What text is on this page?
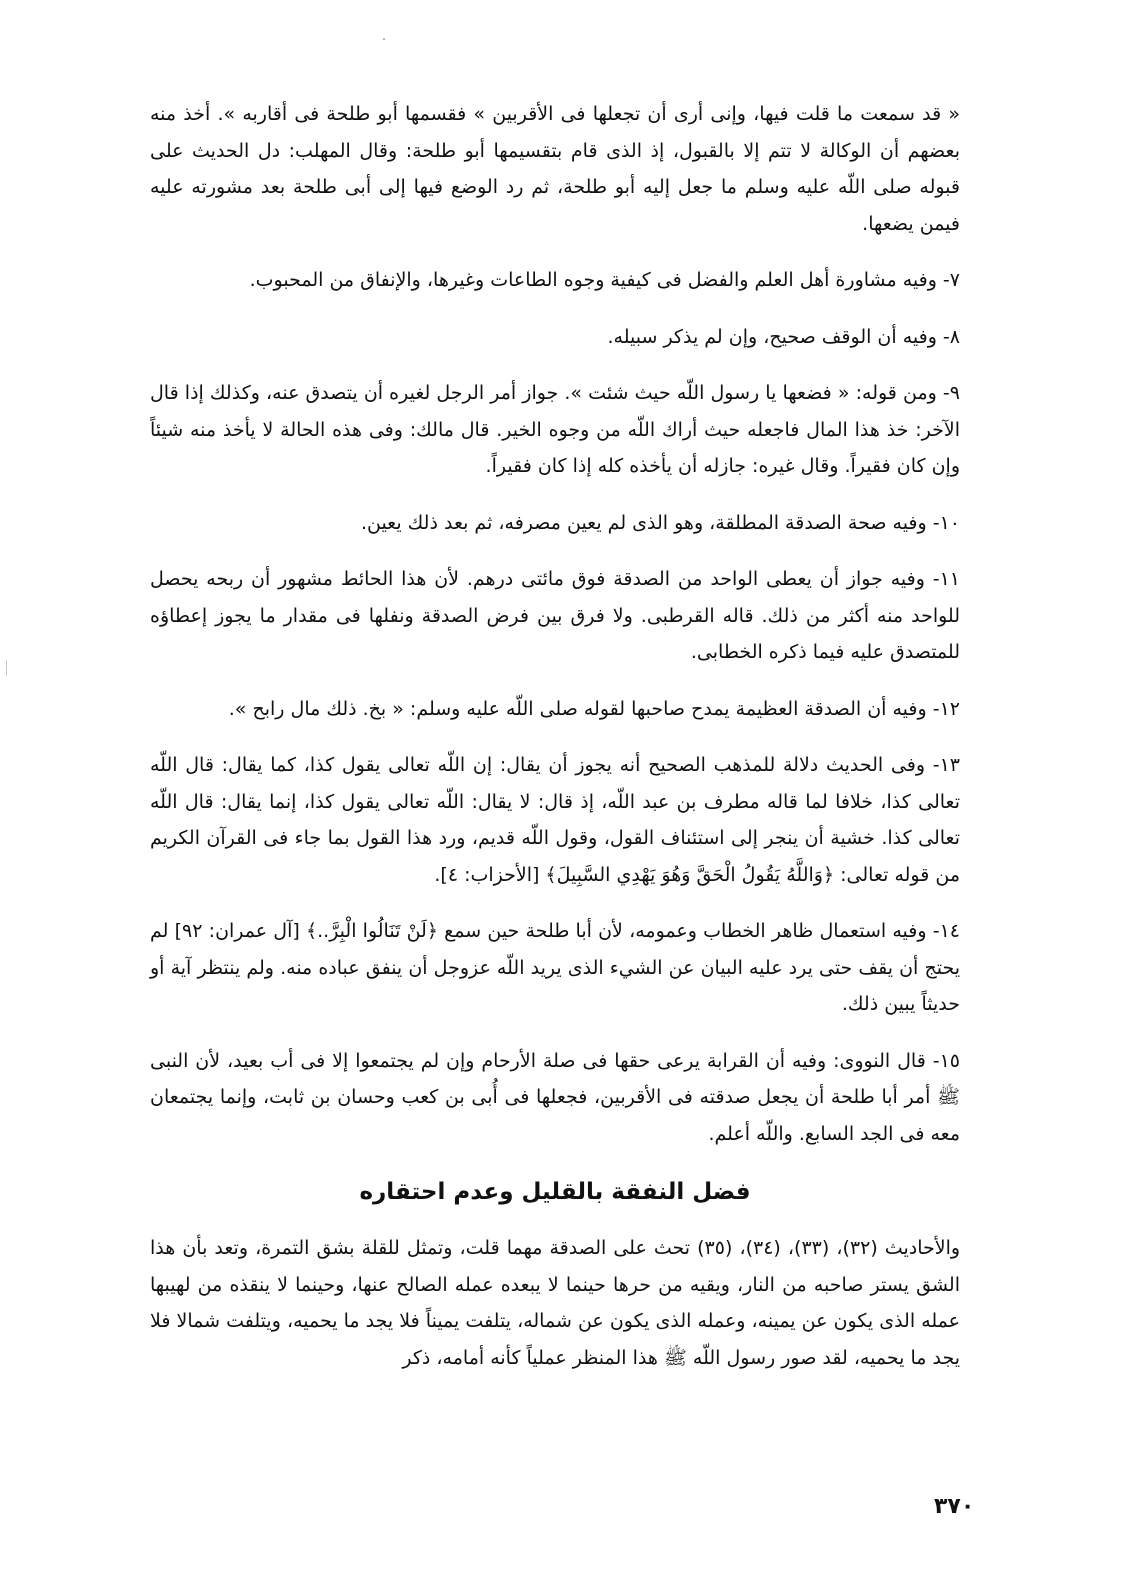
« قد سمعت ما قلت فيها، وإنى أرى أن تجعلها فى الأقربين » فقسمها أبو طلحة فى أقاربه ». أخذ منه بعضهم أن الوكالة لا تتم إلا بالقبول، إذ الذى قام بتقسيمها أبو طلحة: وقال المهلب: دل الحديث على قبوله صلى اللّه عليه وسلم ما جعل إليه أبو طلحة، ثم رد الوضع فيها إلى أبى طلحة بعد مشورته عليه فيمن يضعها.

٧- وفيه مشاورة أهل العلم والفضل فى كيفية وجوه الطاعات وغيرها، والإنفاق من المحبوب.

٨- وفيه أن الوقف صحيح، وإن لم يذكر سبيله.

٩- ومن قوله: « فضعها يا رسول اللّه حيث شئت ». جواز أمر الرجل لغيره أن يتصدق عنه، وكذلك إذا قال الآخر: خذ هذا المال فاجعله حيث أراك اللّه من وجوه الخير. قال مالك: وفى هذه الحالة لا يأخذ منه شيئاً وإن كان فقيراً. وقال غيره: جازله أن يأخذه كله إذا كان فقيراً.

١٠- وفيه صحة الصدقة المطلقة، وهو الذى لم يعين مصرفه، ثم بعد ذلك يعين.

١١- وفيه جواز أن يعطى الواحد من الصدقة فوق مائتى درهم. لأن هذا الحائط مشهور أن ربحه يحصل للواحد منه أكثر من ذلك. قاله القرطبى. ولا فرق بين فرض الصدقة ونفلها فى مقدار ما يجوز إعطاؤه للمتصدق عليه فيما ذكره الخطابى.

١٢- وفيه أن الصدقة العظيمة يمدح صاحبها لقوله صلى اللّه عليه وسلم: « بخ. ذلك مال رابح ».

١٣- وفى الحديث دلالة للمذهب الصحيح أنه يجوز أن يقال: إن اللّه تعالى يقول كذا، كما يقال: قال اللّه تعالى كذا، خلافا لما قاله مطرف بن عبد اللّه، إذ قال: لا يقال: اللّه تعالى يقول كذا، إنما يقال: قال اللّه تعالى كذا. خشية أن ينجر إلى استئناف القول، وقول اللّه قديم، ورد هذا القول بما جاء فى القرآن الكريم من قوله تعالى: ﴿وَاللَّهُ يَقُولُ الْحَقَّ وَهُوَ يَهْدِي السَّبِيلَ﴾ [الأحزاب: ٤].

١٤- وفيه استعمال ظاهر الخطاب وعمومه، لأن أبا طلحة حين سمع ﴿لَنْ تَنَالُوا الْبِرَّ..﴾ [آل عمران: ٩٢] لم يحتج أن يقف حتى يرد عليه البيان عن الشيء الذى يريد اللّه عزوجل أن ينفق عباده منه. ولم ينتظر آية أو حديثاً يبين ذلك.

١٥- قال النووى: وفيه أن القرابة يرعى حقها فى صلة الأرحام وإن لم يجتمعوا إلا فى أب بعيد، لأن النبى ﷺ أمر أبا طلحة أن يجعل صدقته فى الأقربين، فجعلها فى أُبى بن كعب وحسان بن ثابت، وإنما يجتمعان معه فى الجد السابع. واللّه أعلم.

فضل النفقة بالقليل وعدم احتقاره

والأحاديث (٣٢)، (٣٣)، (٣٤)، (٣٥) تحث على الصدقة مهما قلت، وتمثل للقلة بشق التمرة، وتعد بأن هذا الشق يستر صاحبه من النار، ويقيه من حرها حينما لا يبعده عمله الصالح عنها، وحينما لا ينقذه من لهيبها عمله الذى يكون عن يمينه، وعمله الذى يكون عن شماله، يتلفت يميناً فلا يجد ما يحميه، ويتلفت شمالا فلا يجد ما يحميه، لقد صور رسول اللّه ﷺ هذا المنظر عملياً كأنه أمامه، ذكر

٣٧٠
